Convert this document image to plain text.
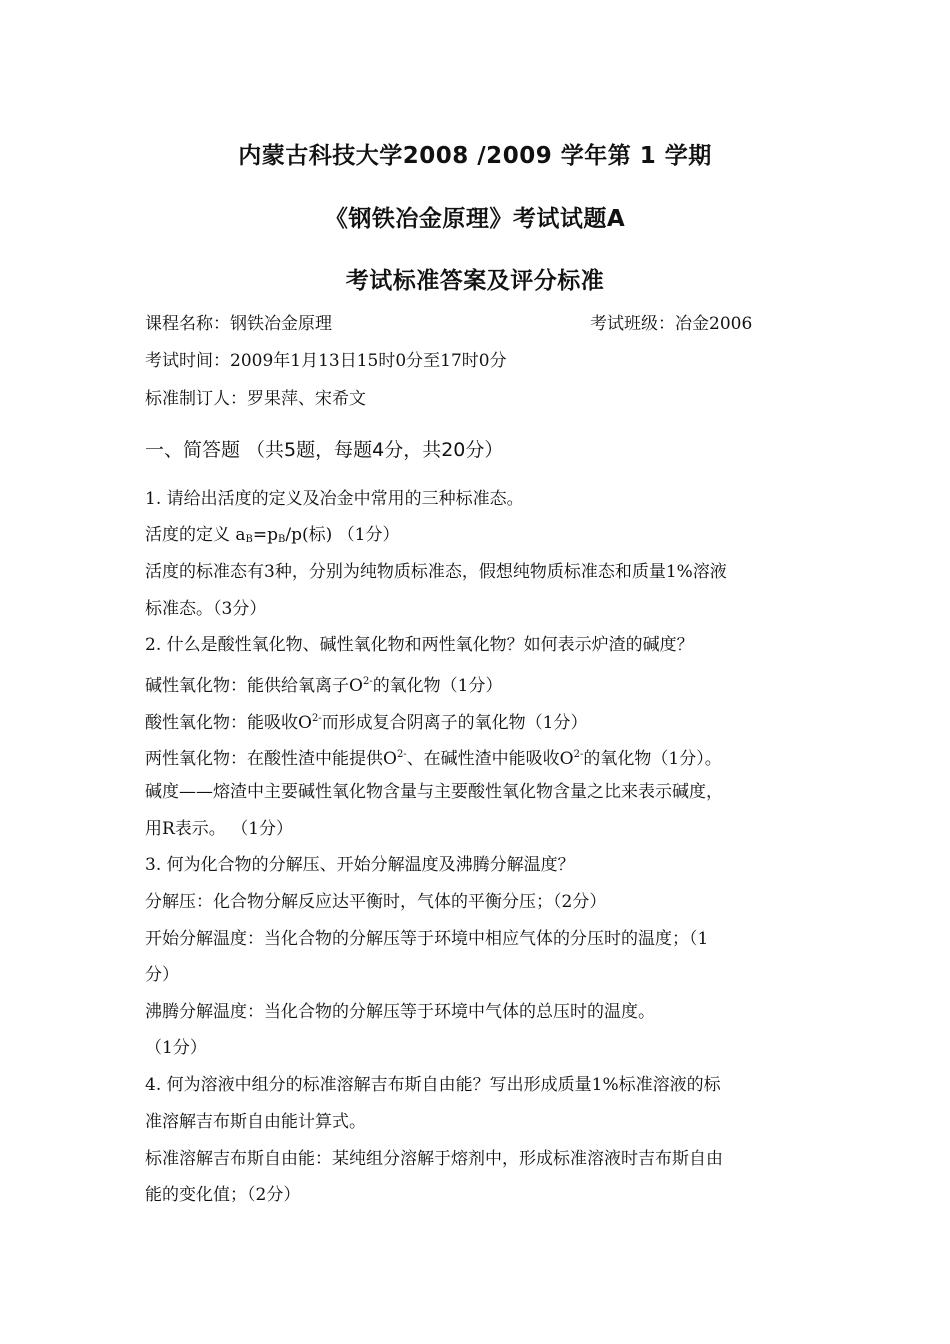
内蒙古科技大学2008 /2009 学年第 1 学期
《钢铁冶金原理》考试试题A
考试标准答案及评分标准
课程名称：钢铁冶金原理	考试班级：冶金2006
考试时间：2009年1月13日15时0分至17时0分
标准制订人：罗果萍、宋希文
一、简答题 （共5题，每题4分，共20分）
1. 请给出活度的定义及冶金中常用的三种标准态。
活度的定义 $a_B=p_B/p$(标) （1分）
活度的标准态有3种，分别为纯物质标准态，假想纯物质标准态和质量1%溶液
标准态。（3分）
2. 什么是酸性氧化物、碱性氧化物和两性氧化物？如何表示炉渣的碱度？
碱性氧化物：能供给氧离子$O^{2-}$的氧化物（1分）
酸性氧化物：能吸收$O^{2-}$而形成复合阴离子的氧化物（1分）
两性氧化物：在酸性渣中能提供$O^{2-}$、在碱性渣中能吸收$O^{2-}$的氧化物（1分）。
碱度——熔渣中主要碱性氧化物含量与主要酸性氧化物含量之比来表示碱度，
用R表示。 （1分）
3. 何为化合物的分解压、开始分解温度及沸腾分解温度？
分解压：化合物分解反应达平衡时，气体的平衡分压；（2分）
开始分解温度：当化合物的分解压等于环境中相应气体的分压时的温度；（1
分）
沸腾分解温度：当化合物的分解压等于环境中气体的总压时的温度。
（1分）
4. 何为溶液中组分的标准溶解吉布斯自由能？写出形成质量1%标准溶液的标
准溶解吉布斯自由能计算式。
标准溶解吉布斯自由能：某纯组分溶解于熔剂中，形成标准溶液时吉布斯自由
能的变化值；（2分）
